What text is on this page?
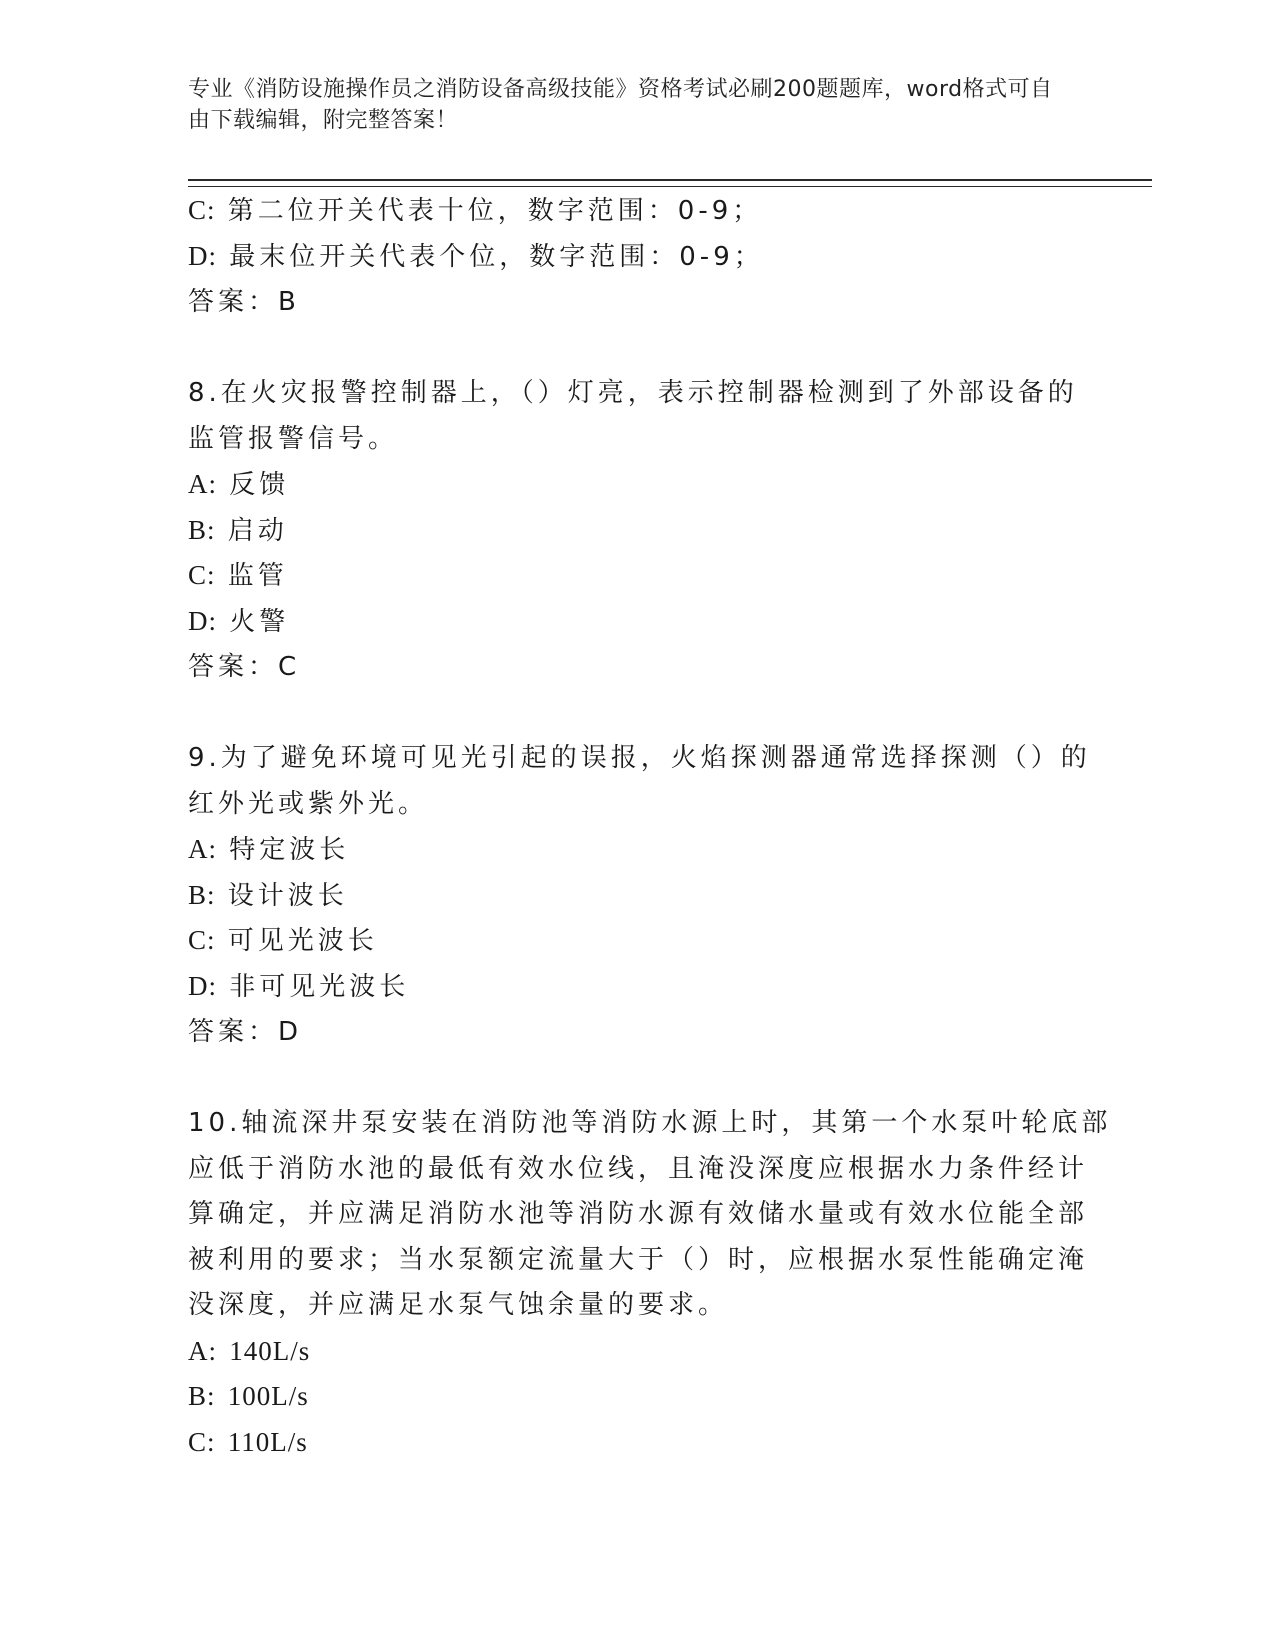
专业《消防设施操作员之消防设备高级技能》资格考试必刷200题题库，word格式可自由下载编辑，附完整答案！
C: 第二位开关代表十位，数字范围：0-9；
D: 最末位开关代表个位，数字范围：0-9；
答案：B
8.在火灾报警控制器上，（）灯亮，表示控制器检测到了外部设备的
监管报警信号。
A: 反馈
B: 启动
C: 监管
D: 火警
答案：C
9.为了避免环境可见光引起的误报，火焰探测器通常选择探测（）的
红外光或紫外光。
A: 特定波长
B: 设计波长
C: 可见光波长
D: 非可见光波长
答案：D
10.轴流深井泵安装在消防池等消防水源上时，其第一个水泵叶轮底部
应低于消防水池的最低有效水位线，且淹没深度应根据水力条件经计
算确定，并应满足消防水池等消防水源有效储水量或有效水位能全部
被利用的要求；当水泵额定流量大于（）时，应根据水泵性能确定淹
没深度，并应满足水泵气蚀余量的要求。
A: 140L/s
B: 100L/s
C: 110L/s
